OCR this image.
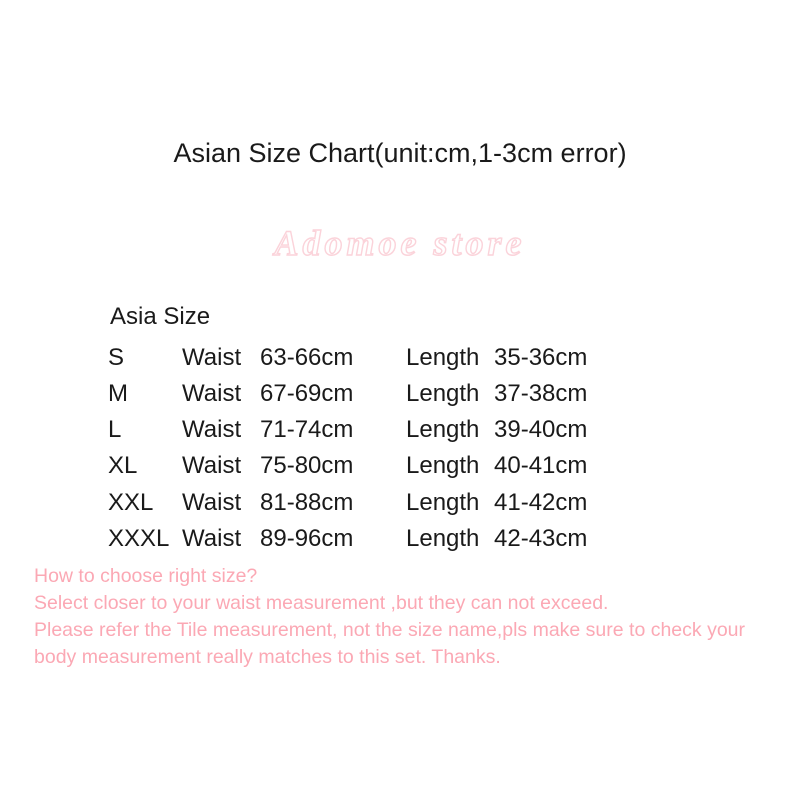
Asian Size Chart(unit:cm,1-3cm error)
Adomoe store
Asia Size
S	Waist	63-66cm	Length	35-36cm
M	Waist	67-69cm	Length	37-38cm
L	Waist	71-74cm	Length	39-40cm
XL	Waist	75-80cm	Length	40-41cm
XXL	Waist	81-88cm	Length	41-42cm
XXXL	Waist	89-96cm	Length	42-43cm
How to choose right size?
Select closer to your waist measurement ,but they can not exceed.
Please refer the Tile measurement, not the size name,pls make sure to check your body measurement really matches to this set. Thanks.
